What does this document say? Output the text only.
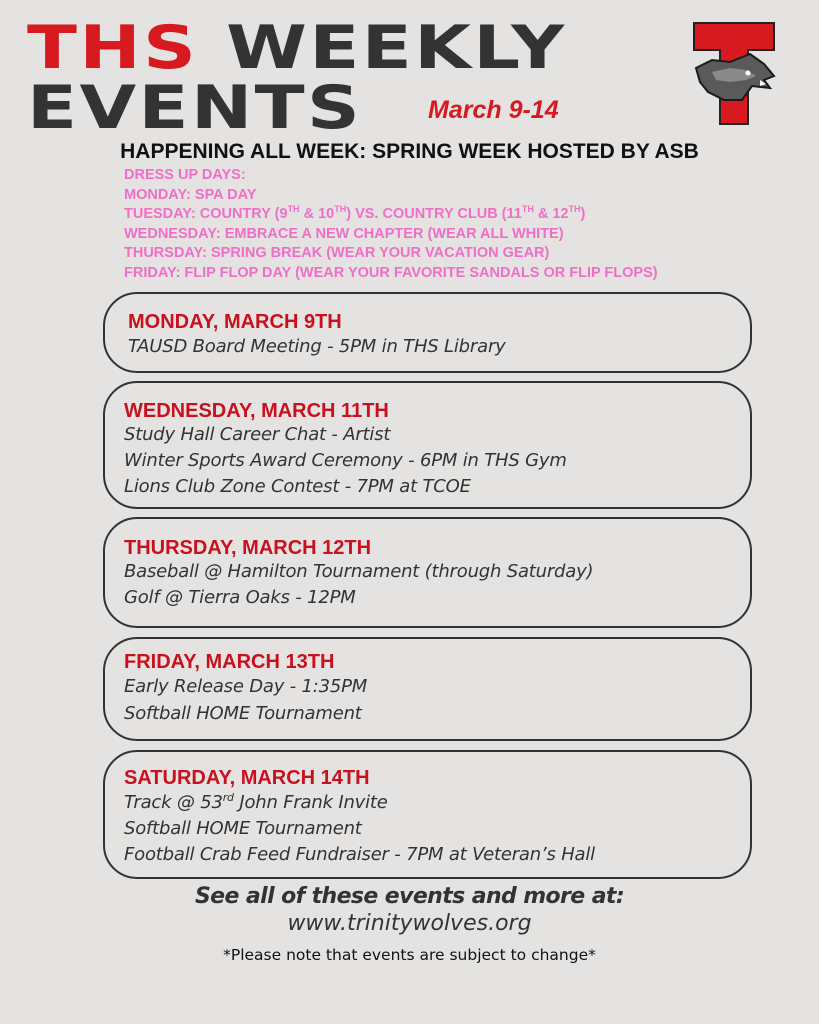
THS WEEKLY
EVENTS	March 9-14
T
HAPPENING ALL WEEK: SPRING WEEK HOSTED BY ASB
DRESS UP DAYS:
MONDAY: SPA DAY
TUESDAY: COUNTRY (9TH & 10TH) VS. COUNTRY CLUB (11TH & 12TH)
WEDNESDAY: EMBRACE A NEW CHAPTER (WEAR ALL WHITE)
THURSDAY: SPRING BREAK (WEAR YOUR VACATION GEAR)
FRIDAY: FLIP FLOP DAY (WEAR YOUR FAVORITE SANDALS OR FLIP FLOPS)
MONDAY, MARCH 9TH
TAUSD Board Meeting - 5PM in THS Library
WEDNESDAY, MARCH 11TH
Study Hall Career Chat - Artist
Winter Sports Award Ceremony - 6PM in THS Gym
Lions Club Zone Contest - 7PM at TCOE
THURSDAY, MARCH 12TH
Baseball @ Hamilton Tournament (through Saturday)
Golf @ Tierra Oaks - 12PM
FRIDAY, MARCH 13TH
Early Release Day - 1:35PM
Softball HOME Tournament
SATURDAY, MARCH 14TH
Track @ 53rd John Frank Invite
Softball HOME Tournament
Football Crab Feed Fundraiser - 7PM at Veteran’s Hall
See all of these events and more at:
www.trinitywolves.org
*Please note that events are subject to change*
